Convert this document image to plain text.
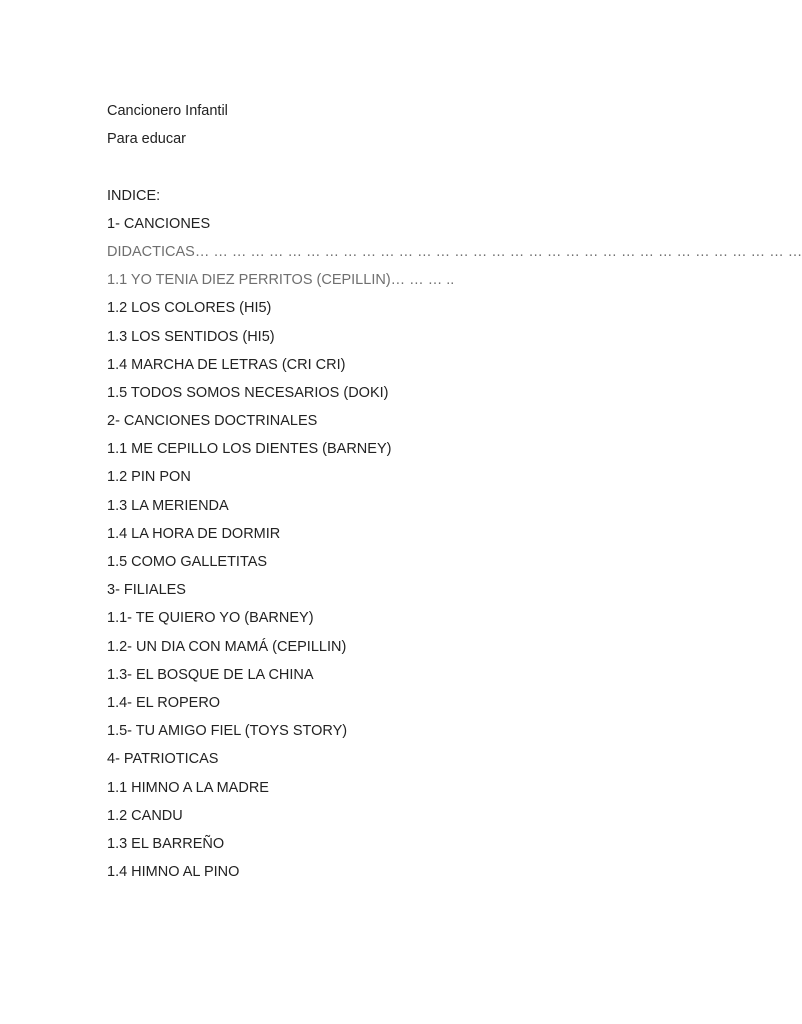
Cancionero Infantil
Para educar
INDICE:
1- CANCIONES
DIDACTICAS… … … … … … … … … … … … … … … … … … … … … … … … … … … … … … … … …
1.1 YO TENIA DIEZ PERRITOS (CEPILLIN)… … … ..
1.2 LOS COLORES (HI5)
1.3 LOS SENTIDOS (HI5)
1.4 MARCHA DE LETRAS (CRI CRI)
1.5 TODOS SOMOS NECESARIOS (DOKI)
2- CANCIONES DOCTRINALES
1.1 ME CEPILLO LOS DIENTES (BARNEY)
1.2 PIN PON
1.3 LA MERIENDA
1.4 LA HORA DE DORMIR
1.5 COMO GALLETITAS
3- FILIALES
1.1- TE QUIERO YO (BARNEY)
1.2- UN DIA CON MAMÁ (CEPILLIN)
1.3- EL BOSQUE DE LA CHINA
1.4- EL ROPERO
1.5- TU AMIGO FIEL (TOYS STORY)
4- PATRIOTICAS
1.1 HIMNO A LA MADRE
1.2 CANDU
1.3 EL BARREÑO
1.4 HIMNO AL PINO
